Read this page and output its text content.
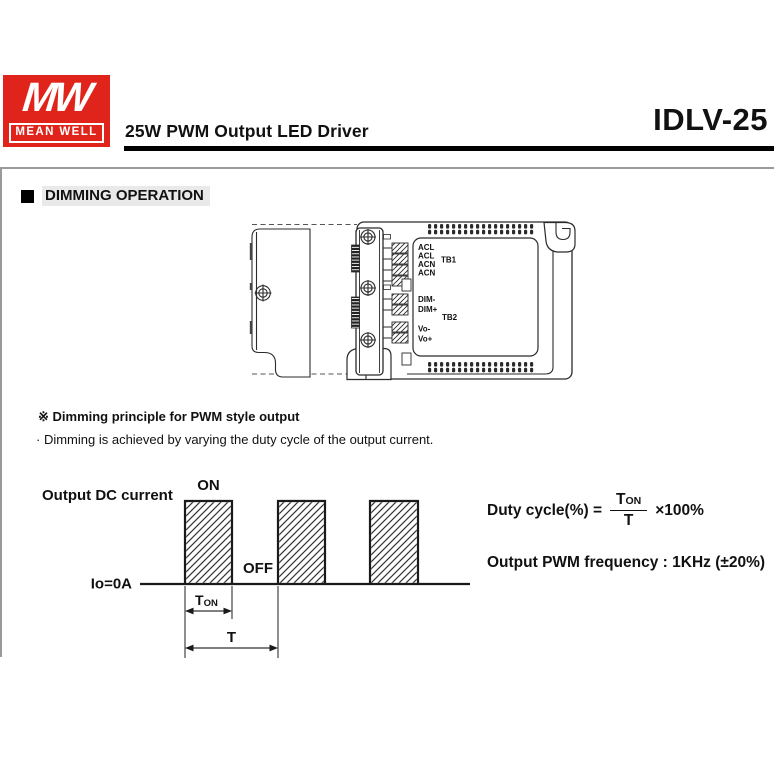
MW
MEAN WELL	25W PWM Output LED Driver	IDLV-25
DIMMING OPERATION
ACL
ACL
ACN
ACN
TB1
DIM-
DIM+
TB2
Vo-
Vo+
※ Dimming principle for PWM style output
· Dimming is achieved by varying the duty cycle of the output current.
Output DC current
ON
OFF
Io=0A
TON
T
Duty cycle(%) = $\frac{\text{TON}}{T} \times 100\%$
Output PWM frequency : 1KHz (±20%)
